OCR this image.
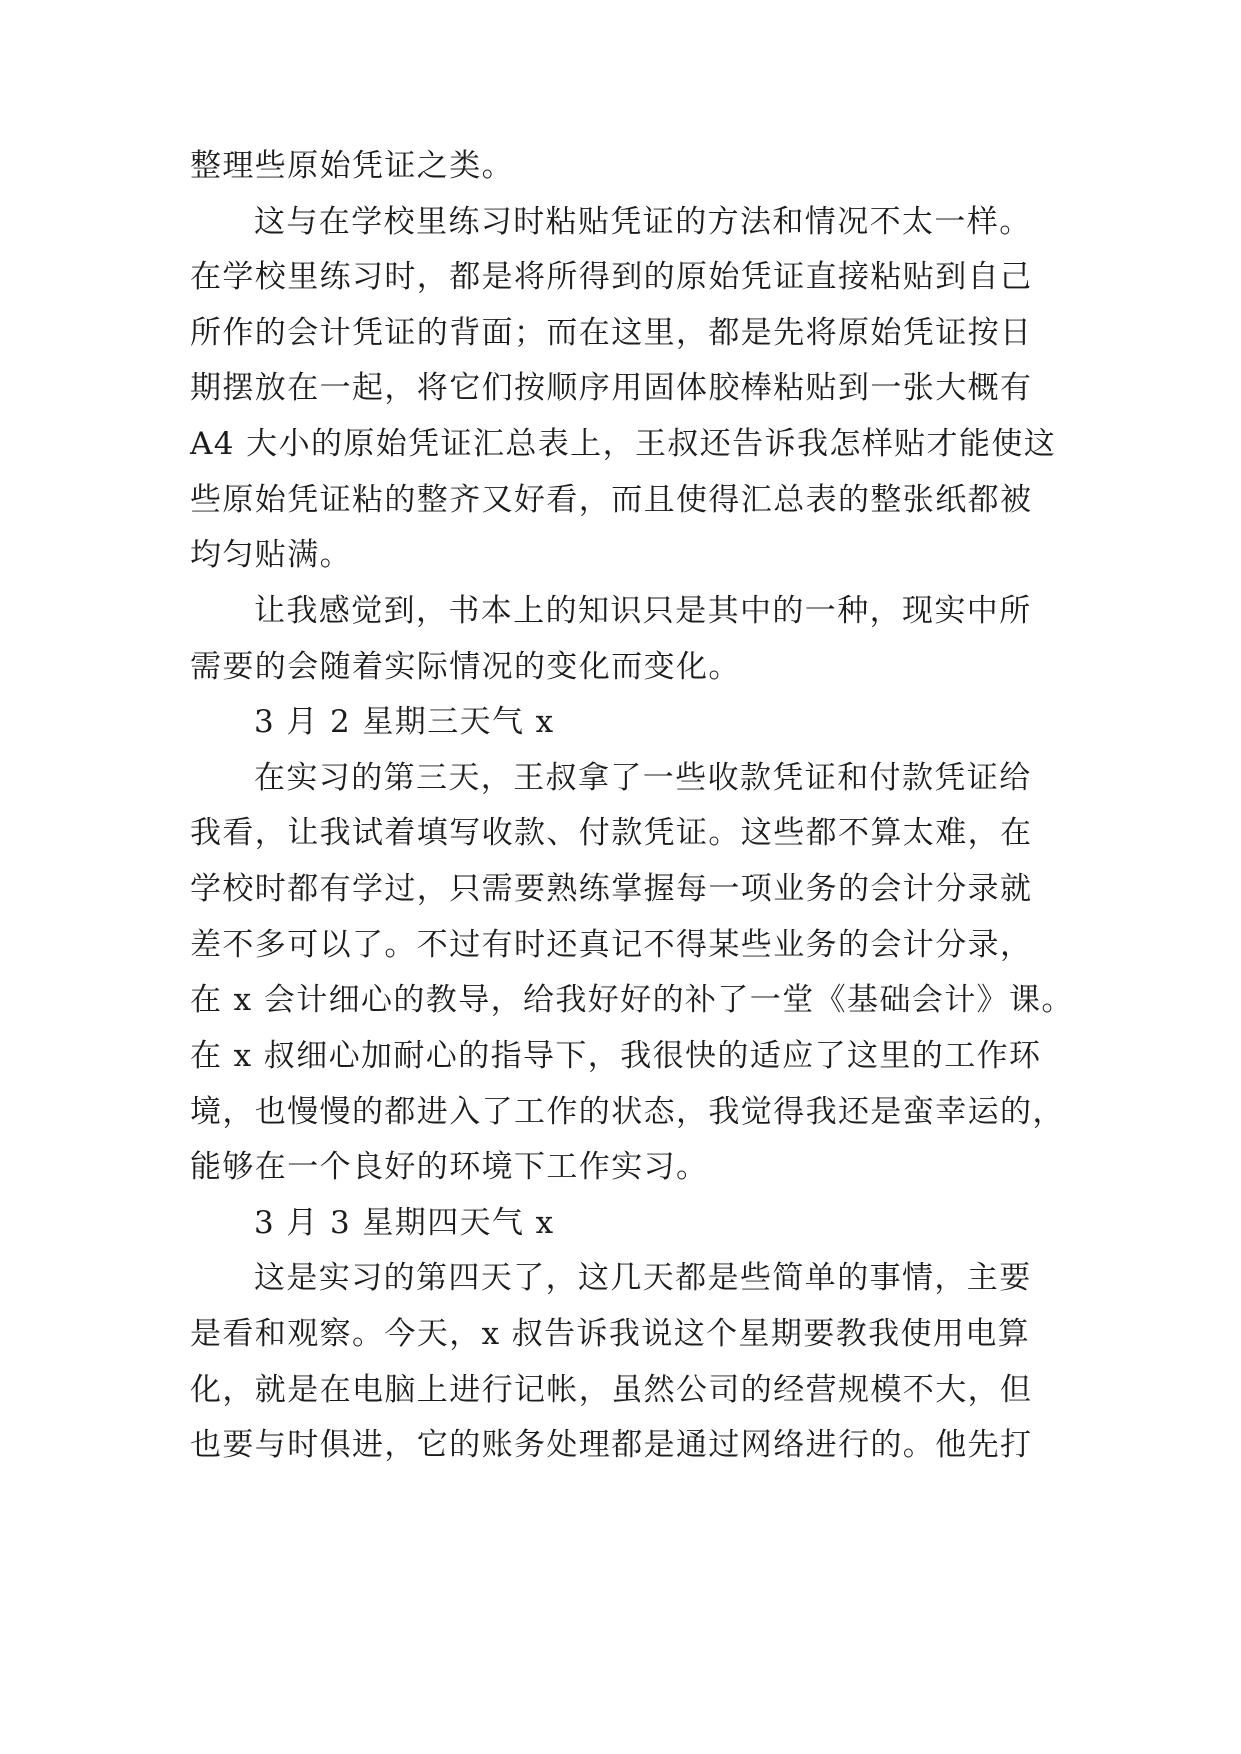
整理些原始凭证之类。
这与在学校里练习时粘贴凭证的方法和情况不太一样。
在学校里练习时，都是将所得到的原始凭证直接粘贴到自己
所作的会计凭证的背面；而在这里，都是先将原始凭证按日
期摆放在一起，将它们按顺序用固体胶棒粘贴到一张大概有
A4 大小的原始凭证汇总表上，王叔还告诉我怎样贴才能使这
些原始凭证粘的整齐又好看，而且使得汇总表的整张纸都被
均匀贴满。
让我感觉到，书本上的知识只是其中的一种，现实中所
需要的会随着实际情况的变化而变化。
3 月 2 星期三天气 x
在实习的第三天，王叔拿了一些收款凭证和付款凭证给
我看，让我试着填写收款、付款凭证。这些都不算太难，在
学校时都有学过，只需要熟练掌握每一项业务的会计分录就
差不多可以了。不过有时还真记不得某些业务的会计分录，
在 x 会计细心的教导，给我好好的补了一堂《基础会计》课。
在 x 叔细心加耐心的指导下，我很快的适应了这里的工作环
境，也慢慢的都进入了工作的状态，我觉得我还是蛮幸运的，
能够在一个良好的环境下工作实习。
3 月 3 星期四天气 x
这是实习的第四天了，这几天都是些简单的事情，主要
是看和观察。今天，x 叔告诉我说这个星期要教我使用电算
化，就是在电脑上进行记帐，虽然公司的经营规模不大，但
也要与时俱进，它的账务处理都是通过网络进行的。他先打
